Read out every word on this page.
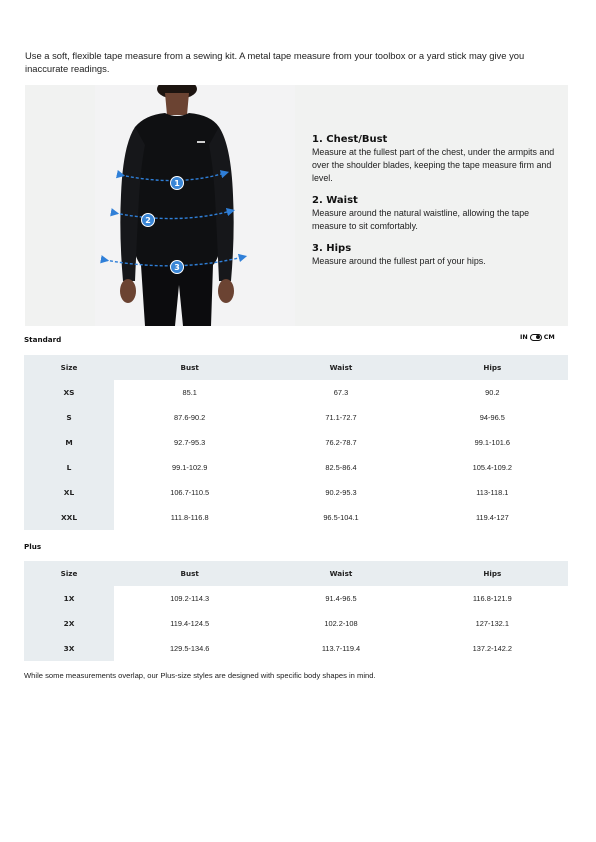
Use a soft, flexible tape measure from a sewing kit. A metal tape measure from your toolbox or a yard stick may give you inaccurate readings.

1
2
3
1. Chest/Bust
Measure at the fullest part of the chest, under the armpits and over the shoulder blades, keeping the tape measure firm and level.
2. Waist
Measure around the natural waistline, allowing the tape measure to sit comfortably.
3. Hips
Measure around the fullest part of your hips.
Standard	IN	CM
Size	Bust	Waist	Hips
XS	85.1	67.3	90.2
S	87.6-90.2	71.1-72.7	94-96.5
M	92.7-95.3	76.2-78.7	99.1-101.6
L	99.1-102.9	82.5-86.4	105.4-109.2
XL	106.7-110.5	90.2-95.3	113-118.1
XXL	111.8-116.8	96.5-104.1	119.4-127
Plus
Size	Bust	Waist	Hips
1X	109.2-114.3	91.4-96.5	116.8-121.9
2X	119.4-124.5	102.2-108	127-132.1
3X	129.5-134.6	113.7-119.4	137.2-142.2

While some measurements overlap, our Plus-size styles are designed with specific body shapes in mind.
